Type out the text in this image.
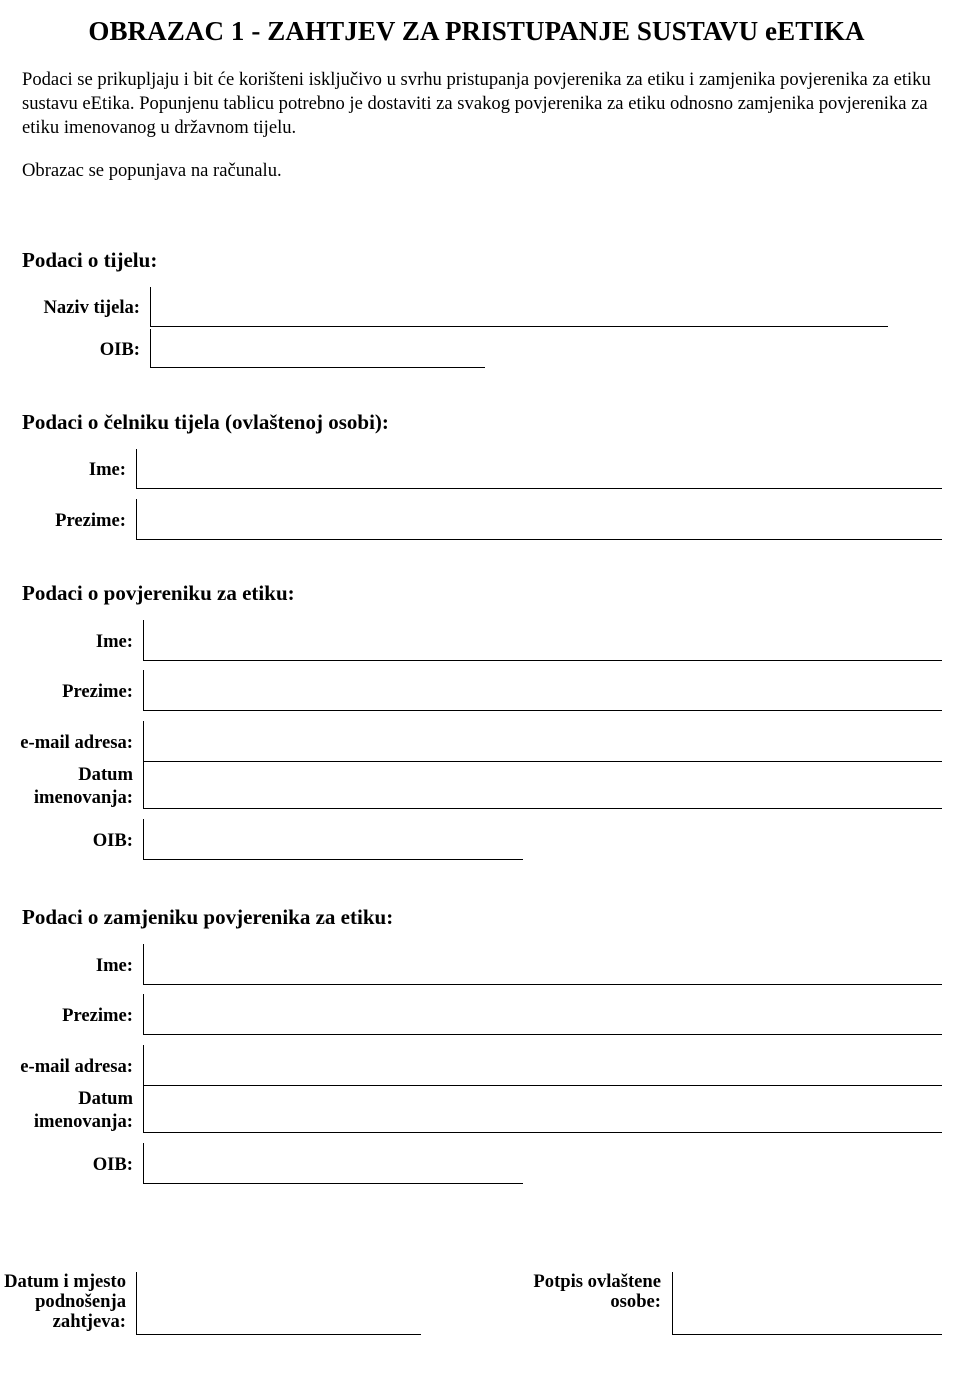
OBRAZAC 1 - ZAHTJEV ZA PRISTUPANJE SUSTAVU eETIKA

Podaci se prikupljaju i bit će korišteni isključivo u svrhu pristupanja povjerenika za etiku i zamjenika povjerenika za etiku sustavu eEtika. Popunjenu tablicu potrebno je dostaviti za svakog povjerenika za etiku odnosno zamjenika povjerenika za etiku imenovanog u državnom tijelu.

Obrazac se popunjava na računalu.

Podaci o tijelu:
Naziv tijela:
OIB:
Podaci o čelniku tijela (ovlaštenoj osobi):
Ime:
Prezime:
Podaci o povjereniku za etiku:
Ime:
Prezime:
e-mail adresa:
Datum
imenovanja:
OIB:
Podaci o zamjeniku povjerenika za etiku:
Ime:
Prezime:
e-mail adresa:
Datum
imenovanja:
OIB:
Datum i mjesto
podnošenja
zahtjeva:
Potpis ovlaštene
osobe:
